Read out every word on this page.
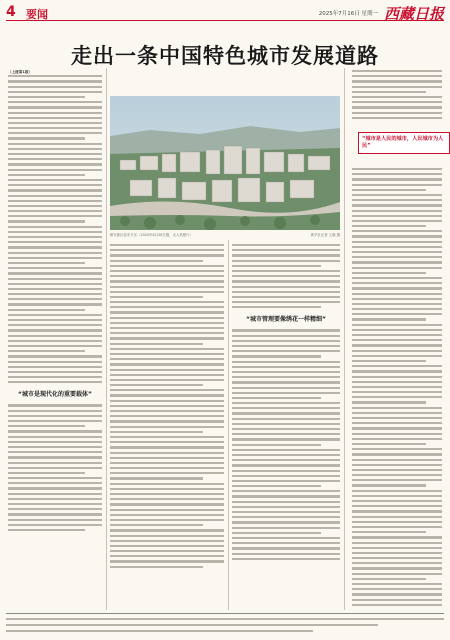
4 要闻	2025年7月16日 星期一 西藏日报
走出一条中国特色城市发展道路
（上接第1版）
“城市是现代化的重要载体”
雄安新区容东片区（2025年4月28日摄，无人机照片）	新华社记者 王晓 摄
“城市管理要像绣花一样精细”
“城市是人民的城市，人民城市为人民”
